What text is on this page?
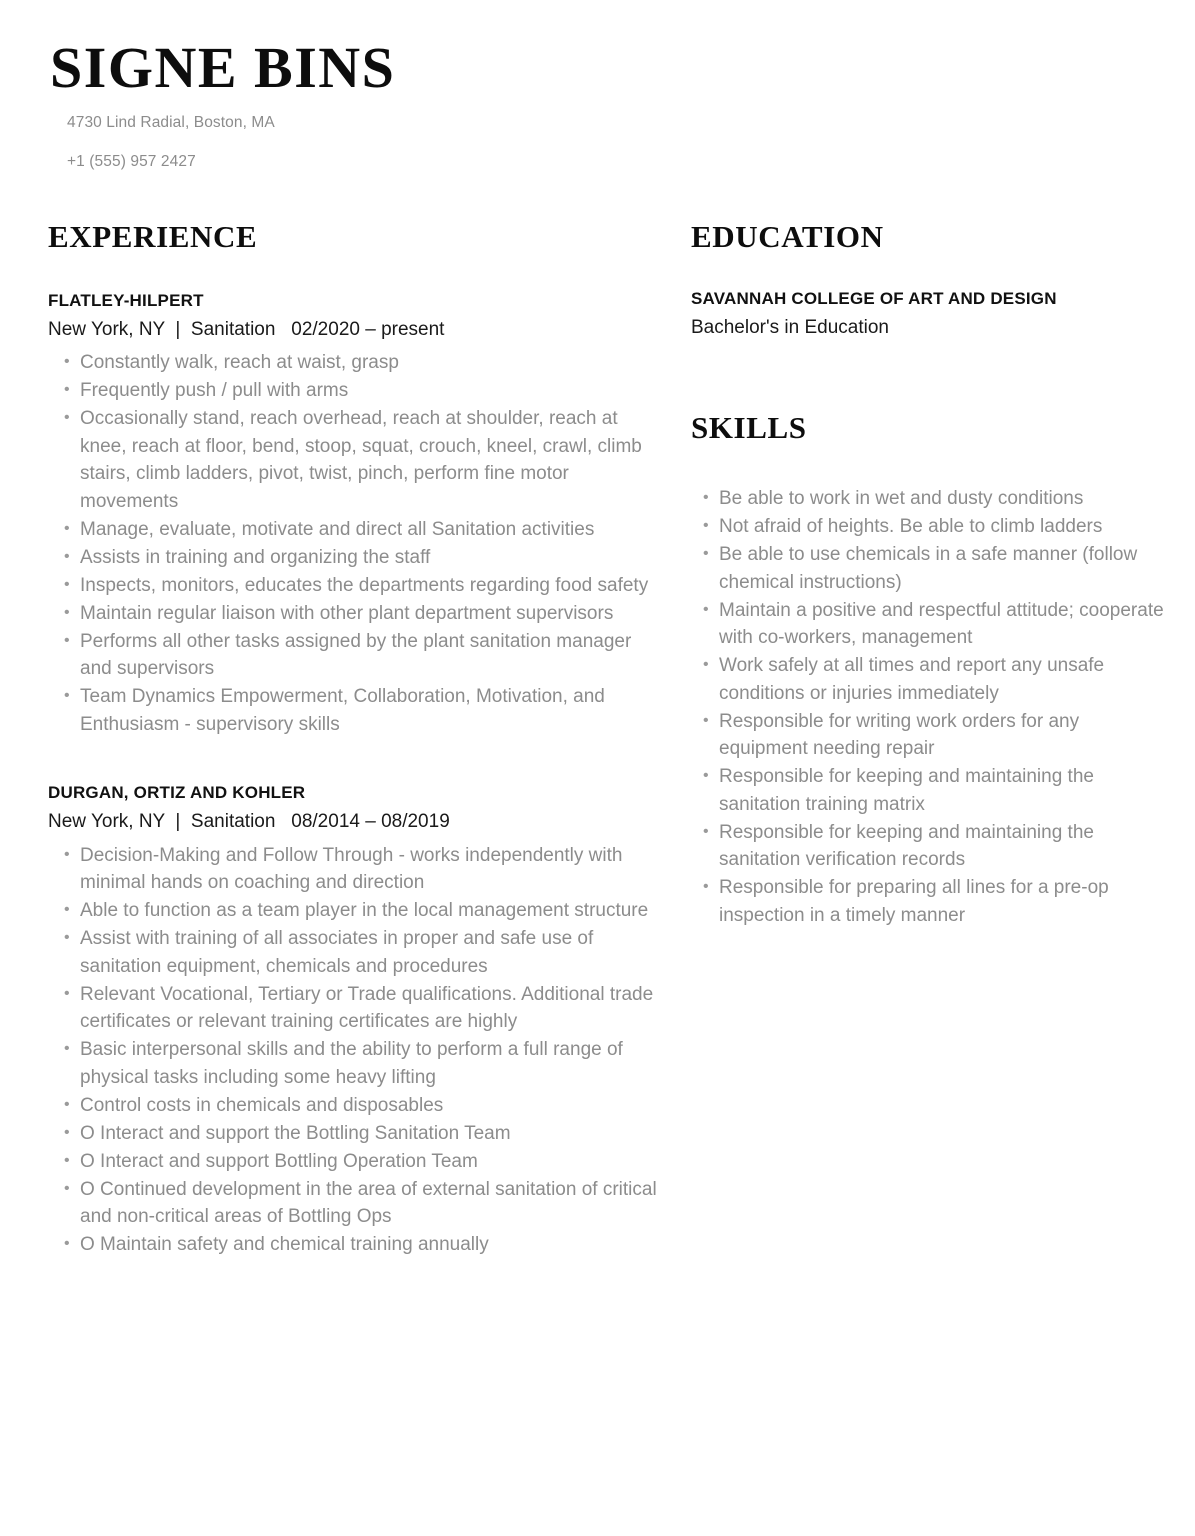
SIGNE BINS
4730 Lind Radial, Boston, MA
+1 (555) 957 2427
EXPERIENCE
FLATLEY-HILPERT
New York, NY  |  Sanitation   02/2020 – present
• Constantly walk, reach at waist, grasp
• Frequently push / pull with arms
• Occasionally stand, reach overhead, reach at shoulder, reach at knee, reach at floor, bend, stoop, squat, crouch, kneel, crawl, climb stairs, climb ladders, pivot, twist, pinch, perform fine motor movements
• Manage, evaluate, motivate and direct all Sanitation activities
• Assists in training and organizing the staff
• Inspects, monitors, educates the departments regarding food safety
• Maintain regular liaison with other plant department supervisors
• Performs all other tasks assigned by the plant sanitation manager and supervisors
• Team Dynamics Empowerment, Collaboration, Motivation, and Enthusiasm - supervisory skills
DURGAN, ORTIZ AND KOHLER
New York, NY  |  Sanitation   08/2014 – 08/2019
• Decision-Making and Follow Through - works independently with minimal hands on coaching and direction
• Able to function as a team player in the local management structure
• Assist with training of all associates in proper and safe use of sanitation equipment, chemicals and procedures
• Relevant Vocational, Tertiary or Trade qualifications. Additional trade certificates or relevant training certificates are highly
• Basic interpersonal skills and the ability to perform a full range of physical tasks including some heavy lifting
• Control costs in chemicals and disposables
• O Interact and support the Bottling Sanitation Team
• O Interact and support Bottling Operation Team
• O Continued development in the area of external sanitation of critical and non-critical areas of Bottling Ops
• O Maintain safety and chemical training annually
EDUCATION
SAVANNAH COLLEGE OF ART AND DESIGN
Bachelor's in Education
SKILLS
• Be able to work in wet and dusty conditions
• Not afraid of heights. Be able to climb ladders
• Be able to use chemicals in a safe manner (follow chemical instructions)
• Maintain a positive and respectful attitude; cooperate with co-workers, management
• Work safely at all times and report any unsafe conditions or injuries immediately
• Responsible for writing work orders for any equipment needing repair
• Responsible for keeping and maintaining the sanitation training matrix
• Responsible for keeping and maintaining the sanitation verification records
• Responsible for preparing all lines for a pre-op inspection in a timely manner
